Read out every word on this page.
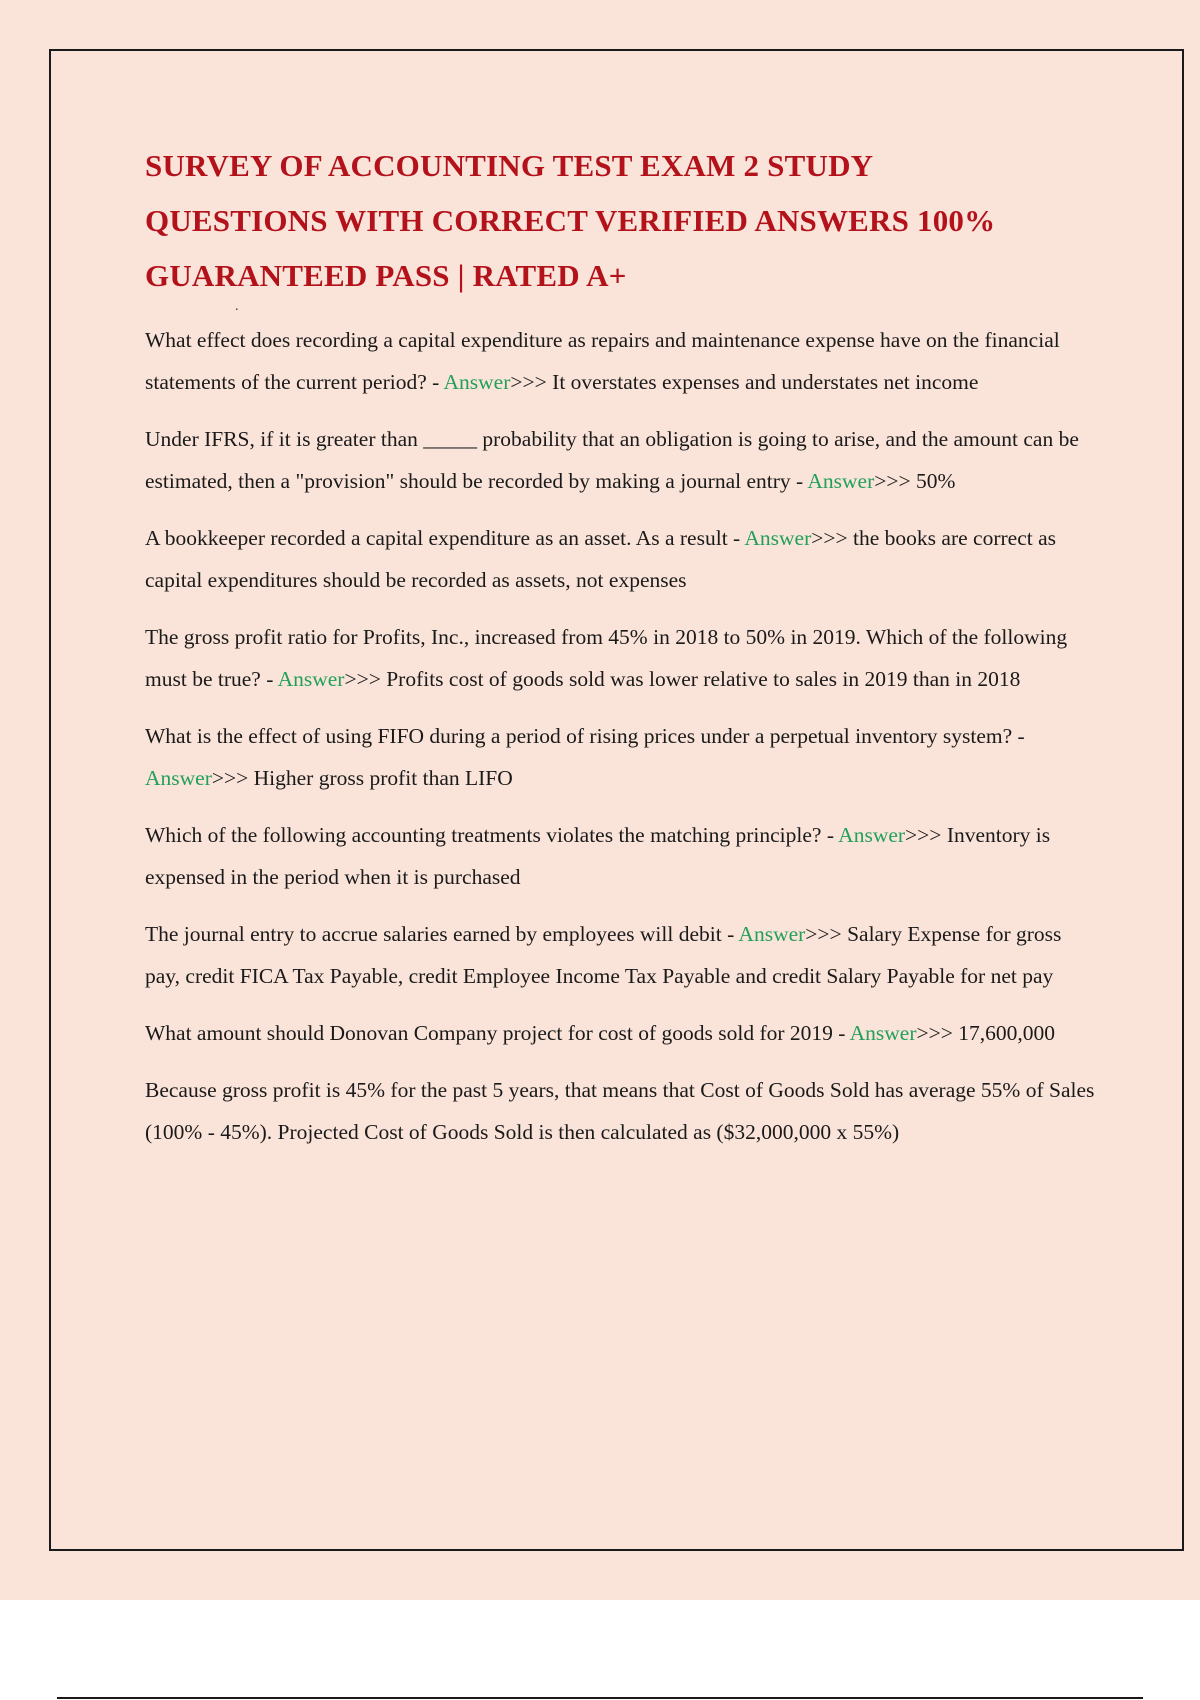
SURVEY OF ACCOUNTING TEST EXAM 2 STUDY
QUESTIONS WITH CORRECT VERIFIED ANSWERS 100%
GUARANTEED PASS | RATED A+
.

What effect does recording a capital expenditure as repairs and maintenance expense have on the financial statements of the current period? - Answer>>> It overstates expenses and understates net income

Under IFRS, if it is greater than _____ probability that an obligation is going to arise, and the amount can be estimated, then a "provision" should be recorded by making a journal entry - Answer>>> 50%

A bookkeeper recorded a capital expenditure as an asset. As a result - Answer>>> the books are correct as capital expenditures should be recorded as assets, not expenses

The gross profit ratio for Profits, Inc., increased from 45% in 2018 to 50% in 2019. Which of the following must be true? - Answer>>> Profits cost of goods sold was lower relative to sales in 2019 than in 2018

What is the effect of using FIFO during a period of rising prices under a perpetual inventory system? - Answer>>> Higher gross profit than LIFO

Which of the following accounting treatments violates the matching principle? - Answer>>> Inventory is expensed in the period when it is purchased

The journal entry to accrue salaries earned by employees will debit - Answer>>> Salary Expense for gross pay, credit FICA Tax Payable, credit Employee Income Tax Payable and credit Salary Payable for net pay

What amount should Donovan Company project for cost of goods sold for 2019 - Answer>>> 17,600,000

Because gross profit is 45% for the past 5 years, that means that Cost of Goods Sold has average 55% of Sales (100% - 45%). Projected Cost of Goods Sold is then calculated as ($32,000,000 x 55%)
